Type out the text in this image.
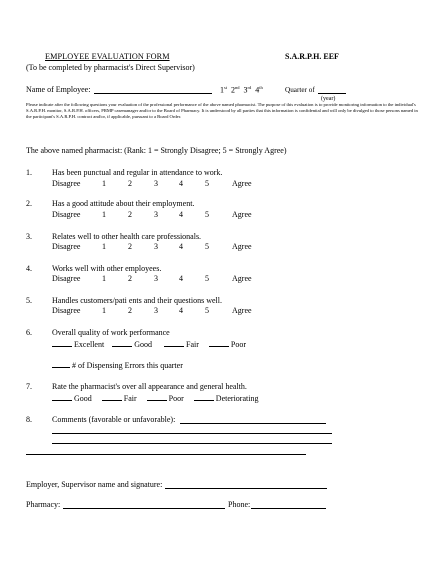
EMPLOYEE EVALUATION FORM	S.A.R.P.H. EEF
(To be completed by pharmacist's Direct Supervisor)
Name of Employee:	1st 2nd 3rd 4th	Quarter of
(year)
Please indicate after the following questions your evaluation of the professional performance of the above named pharmacist. The purpose of this evaluation is to provide monitoring information to the individual's S.A.R.P.H. monitor, S.A.R.P.H. officers, PRMP casemanager and/or to the Board of Pharmacy. It is understood by all parties that this information is confidential and will only be divulged to those persons named in the participant's S.A.R.P.H. contract and/or, if applicable, pursuant to a Board Order.
The above named pharmacist: (Rank: 1 = Strongly Disagree; 5 = Strongly Agree)
1.	Has been punctual and regular in attendance to work.
Disagree	1	2	3	4	5	Agree
2.	Has a good attitude about their employment.
Disagree	1	2	3	4	5	Agree
3.	Relates well to other health care professionals.
Disagree	1	2	3	4	5	Agree
4.	Works well with other employees.
Disagree	1	2	3	4	5	Agree
5.	Handles customers/pati ents and their questions well.
Disagree	1	2	3	4	5	Agree
6.	Overall quality of work performance
Excellent	Good	Fair	Poor
# of Dispensing Errors this quarter
7.	Rate the pharmacist's over all appearance and general health.
Good	Fair	Poor	Deteriorating
8.	Comments (favorable or unfavorable):
Employer, Supervisor name and signature:
Pharmacy:	Phone:
